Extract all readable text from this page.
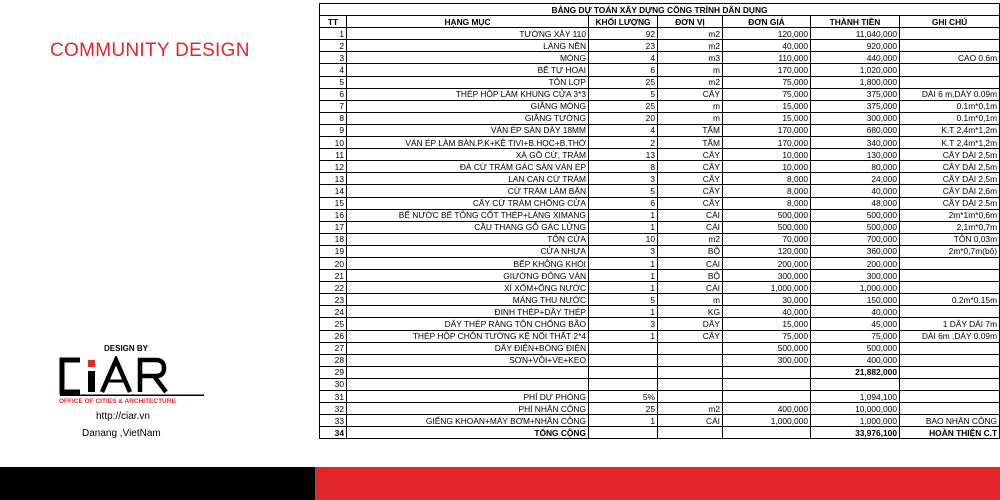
COMMUNITY DESIGN
DESIGN BY
OFFICE OF CITIES & ARCHITECTURE
http://ciar.vn
Danang ,VietNam
BẢNG DỰ TOÁN XÂY DỰNG CÔNG TRÌNH DÂN DỤNG						
TT	HẠNG MỤC	KHỐI LƯỢNG	ĐƠN VỊ	ĐƠN GIÁ	THÀNH TIỀN	GHI CHÚ
1	TƯỜNG XÂY 110	92	m2	120,000	11,040,000	
2	LÁNG NỀN	23	m2	40,000	920,000	
3	MÓNG	4	m3	110,000	440,000	CAO 0.6m
4	BỂ TỰ HOẠI	6	m	170,000	1,020,000	
5	TÔN LỢP	25	m2	75,000	1,800,000	
6	THÉP HỘP LÀM KHUNG CỬA 3*3	5	CÂY	75,000	375,000	DÀI 6 m,DÀY 0.09m
7	GIẰNG MÓNG	25	m	15,000	375,000	0.1m*0,1m
8	GIẰNG TƯỜNG	20	m	15,000	300,000	0.1m*0,1m
9	VÁN ÉP SÀN DÀY 18MM	4	TẤM	170,000	680,000	K.T 2,4m*1,2m
10	VÁN ÉP LÀM BÀN.P.K+KỆ TIVI+B.HỌC+B.THỜ	2	TẤM	170,000	340,000	K.T 2,4m*1,2m
11	XÀ GỒ CỪ, TRÀM	13	CÂY	10,000	130,000	CÂY DÀI 2,5m
12	ĐÀ CỪ TRÀM GÁC SÀN VÁN ÉP	8	CÂY	10,000	80,000	CÂY DÀI 2,5m
13	LAN CAN CỪ TRÀM	3	CÂY	8,000	24,000	CÂY DÀI 2,5m
14	CỪ TRÀM LÀM BẬN	5	CÂY	8,000	40,000	CÂY DÀI 2,6m
15	CÂY CỪ TRÀM CHỐNG CỬA	6	CÂY	8,000	48,000	CÂY DÀI 2.5m
16	BỂ NƯỚC BÊ TÔNG CỐT THÉP+LÁNG XIMANG	1	CÁI	500,000	500,000	2m*1m*0,6m
17	CẦU THANG GỖ GÁC LỬNG	1	CÁI	500,000	500,000	2,1m*0,7m
18	TÔN CỬA	10	m2	70,000	700,000	TÔN 0,03m
19	CỬA NHỰA	3	BỘ	120,000	360,000	2m*0,7m(bộ)
20	BẾP KHÔNG KHÓI	1	CÁI	200,000	200,000	
21	GIƯỜNG ĐÔNG VÁN	1	BỘ	300,000	300,000	
22	XÍ XỔM+ỐNG NƯỚC	1	CÁI	1,000,000	1,000,000	
23	MÁNG THU NƯỚC	5	m	30,000	150,000	0.2m*0.15m
24	ĐINH THÉP+DÂY THÉP	1	KG	40,000	40,000	
25	DÂY THÉP RÀNG TÔN CHỐNG BÃO	3	DÂY	15,000	45,000	1 DÂY DÀI 7m
26	THÉP HỘP CHÔN TƯỜNG KỆ NỐI THẤT 2*4	1	CÂY	75,000	75,000	DÀI 6m ,DÀY 0.09m
27	DÂY ĐIỆN+BÓNG ĐIỆN			500,000	500,000	
28	SƠN+VÔI+VE+KEO			300,000	400,000	
29					21,882,000	
30						
31	PHÍ DỰ PHÒNG	5%			1,094,100	
32	PHÍ NHÂN CÔNG	25	m2	400,000	10,000,000	
33	GIẾNG KHOAN+MÁY BƠM+NHÂN CÔNG	1	CÁI	1,000,000	1,000,000	BAO NHÂN CÔNG
34	TỔNG CỘNG				33,976,100	HOÀN THIỆN C.T
